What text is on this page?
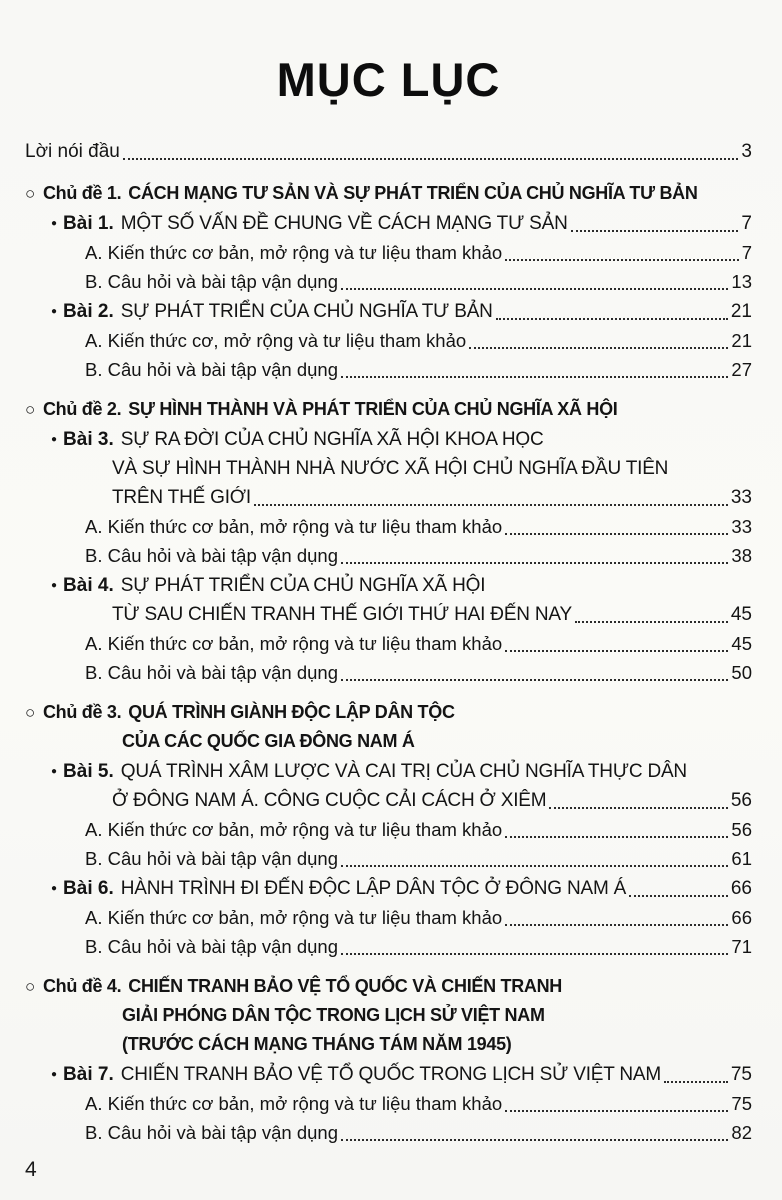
MỤC LỤC
Lời nói đầu	3
○ Chủ đề 1. CÁCH MẠNG TƯ SẢN VÀ SỰ PHÁT TRIỂN CỦA CHỦ NGHĨA TƯ BẢN
● Bài 1. MỘT SỐ VẤN ĐỀ CHUNG VỀ CÁCH MẠNG TƯ SẢN	7
A. Kiến thức cơ bản, mở rộng và tư liệu tham khảo	7
B. Câu hỏi và bài tập vận dụng	13
● Bài 2. SỰ PHÁT TRIỂN CỦA CHỦ NGHĨA TƯ BẢN	21
A. Kiến thức cơ, mở rộng và tư liệu tham khảo	21
B. Câu hỏi và bài tập vận dụng	27
○ Chủ đề 2. SỰ HÌNH THÀNH VÀ PHÁT TRIỂN CỦA CHỦ NGHĨA XÃ HỘI
● Bài 3. SỰ RA ĐỜI CỦA CHỦ NGHĨA XÃ HỘI KHOA HỌC
VÀ SỰ HÌNH THÀNH NHÀ NƯỚC XÃ HỘI CHỦ NGHĨA ĐẦU TIÊN
TRÊN THẾ GIỚI	33
A. Kiến thức cơ bản, mở rộng và tư liệu tham khảo	33
B. Câu hỏi và bài tập vận dụng	38
● Bài 4. SỰ PHÁT TRIỂN CỦA CHỦ NGHĨA XÃ HỘI
TỪ SAU CHIẾN TRANH THẾ GIỚI THỨ HAI ĐẾN NAY	45
A. Kiến thức cơ bản, mở rộng và tư liệu tham khảo	45
B. Câu hỏi và bài tập vận dụng	50
○ Chủ đề 3. QUÁ TRÌNH GIÀNH ĐỘC LẬP DÂN TỘC
CỦA CÁC QUỐC GIA ĐÔNG NAM Á
● Bài 5. QUÁ TRÌNH XÂM LƯỢC VÀ CAI TRỊ CỦA CHỦ NGHĨA THỰC DÂN
Ở ĐÔNG NAM Á. CÔNG CUỘC CẢI CÁCH Ở XIÊM	56
A. Kiến thức cơ bản, mở rộng và tư liệu tham khảo	56
B. Câu hỏi và bài tập vận dụng	61
● Bài 6. HÀNH TRÌNH ĐI ĐẾN ĐỘC LẬP DÂN TỘC Ở ĐÔNG NAM Á	66
A. Kiến thức cơ bản, mở rộng và tư liệu tham khảo	66
B. Câu hỏi và bài tập vận dụng	71
○ Chủ đề 4. CHIẾN TRANH BẢO VỆ TỔ QUỐC VÀ CHIẾN TRANH
GIẢI PHÓNG DÂN TỘC TRONG LỊCH SỬ VIỆT NAM
(TRƯỚC CÁCH MẠNG THÁNG TÁM NĂM 1945)
● Bài 7. CHIẾN TRANH BẢO VỆ TỔ QUỐC TRONG LỊCH SỬ VIỆT NAM	75
A. Kiến thức cơ bản, mở rộng và tư liệu tham khảo	75
B. Câu hỏi và bài tập vận dụng	82
4
